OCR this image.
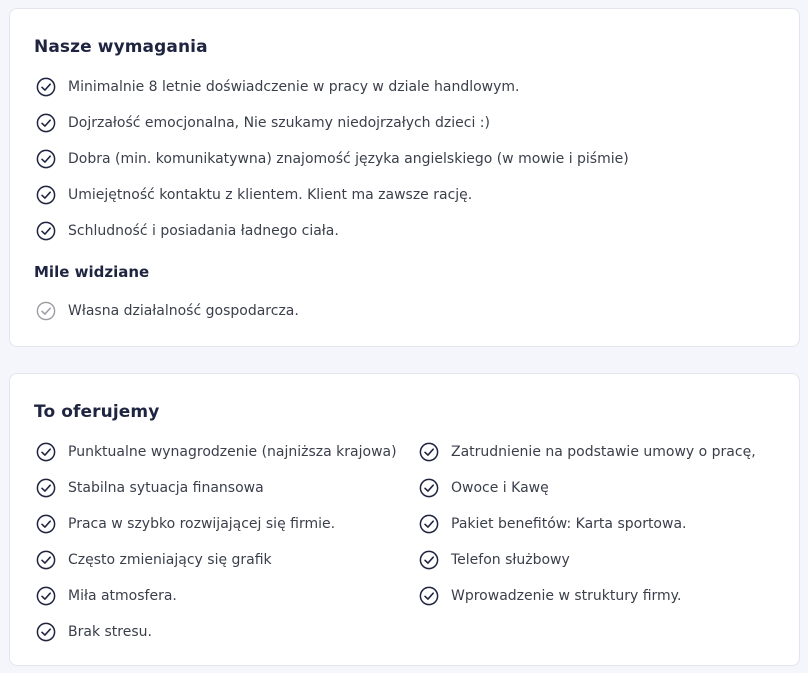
Nasze wymagania
Minimalnie 8 letnie doświadczenie w pracy w dziale handlowym.
Dojrzałość emocjonalna, Nie szukamy niedojrzałych dzieci :)
Dobra (min. komunikatywna) znajomość języka angielskiego (w mowie i piśmie)
Umiejętność kontaktu z klientem. Klient ma zawsze rację.
Schludność i posiadania ładnego ciała.
Mile widziane
Własna działalność gospodarcza.
To oferujemy
Punktualne wynagrodzenie (najniższa krajowa)
Stabilna sytuacja finansowa
Praca w szybko rozwijającej się firmie.
Często zmieniający się grafik
Miła atmosfera.
Brak stresu.
Zatrudnienie na podstawie umowy o pracę,
Owoce i Kawę
Pakiet benefitów: Karta sportowa.
Telefon służbowy
Wprowadzenie w struktury firmy.
